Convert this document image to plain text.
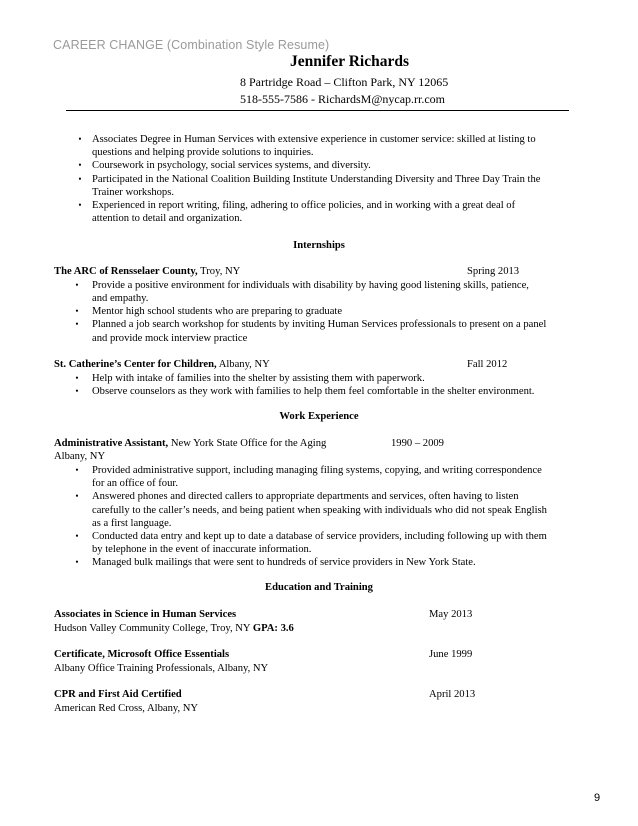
CAREER CHANGE (Combination Style Resume)
Jennifer Richards
8 Partridge Road – Clifton Park, NY 12065
518-555-7586 - RichardsM@nycap.rr.com
• Associates Degree in Human Services with extensive experience in customer service: skilled at listing to
questions and helping provide solutions to inquiries.
• Coursework in psychology, social services systems, and diversity.
• Participated in the National Coalition Building Institute Understanding Diversity and Three Day Train the
Trainer workshops.
• Experienced in report writing, filing, adhering to office policies, and in working with a great deal of
attention to detail and organization.
Internships
The ARC of Rensselaer County, Troy, NY	Spring 2013
•	Provide a positive environment for individuals with disability by having good listening skills, patience,
and empathy.
•	Mentor high school students who are preparing to graduate
•	Planned a job search workshop for students by inviting Human Services professionals to present on a panel
and provide mock interview practice
St. Catherine’s Center for Children, Albany, NY	Fall 2012
•	Help with intake of families into the shelter by assisting them with paperwork.
•	Observe counselors as they work with families to help them feel comfortable in the shelter environment.
Work Experience
Administrative Assistant, New York State Office for the Aging	1990 – 2009
Albany, NY
•	Provided administrative support, including managing filing systems, copying, and writing correspondence
for an office of four.
•	Answered phones and directed callers to appropriate departments and services, often having to listen
carefully to the caller’s needs, and being patient when speaking with individuals who did not speak English
as a first language.
•	Conducted data entry and kept up to date a database of service providers, including following up with them
by telephone in the event of inaccurate information.
•	Managed bulk mailings that were sent to hundreds of service providers in New York State.
Education and Training
Associates in Science in Human Services	May 2013
Hudson Valley Community College, Troy, NY GPA: 3.6
Certificate, Microsoft Office Essentials	June 1999
Albany Office Training Professionals, Albany, NY
CPR and First Aid Certified	April 2013
American Red Cross, Albany, NY
9
